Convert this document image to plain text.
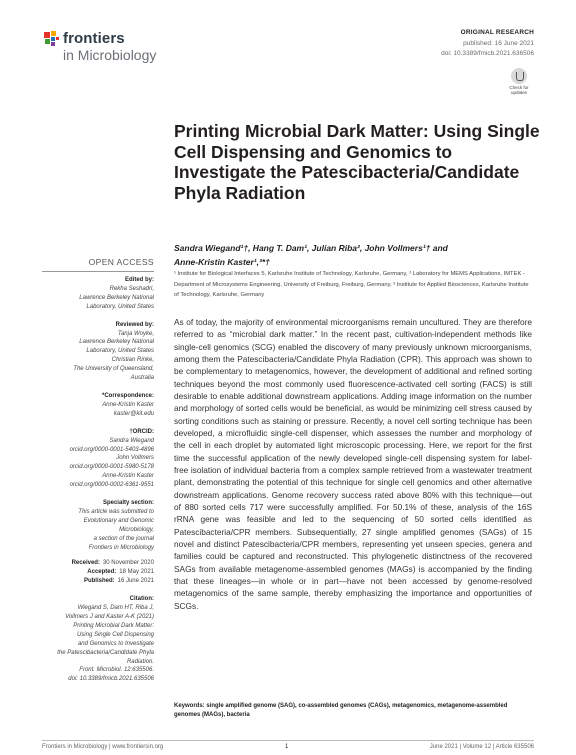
frontiers
in Microbiology
ORIGINAL RESEARCH
published: 16 June 2021
doi: 10.3389/fmicb.2021.636506
Check for updates
Printing Microbial Dark Matter: Using Single Cell Dispensing and Genomics to Investigate the Patescibacteria/Candidate Phyla Radiation
Sandra Wiegand¹†, Hang T. Dam¹, Julian Riba², John Vollmers¹† and
Anne-Kristin Kaster¹,³*†
¹ Institute for Biological Interfaces 5, Karlsruhe Institute of Technology, Karlsruhe, Germany, ² Laboratory for MEMS Applications, IMTEK - Department of Microsystems Engineering, University of Freiburg, Freiburg, Germany, ³ Institute for Applied Biosciences, Karlsruhe Institute of Technology, Karlsruhe, Germany
OPEN ACCESS
Edited by:
Rekha Seshadri,
Lawrence Berkeley National
Laboratory, United States
Reviewed by:
Tanja Woyke,
Lawrence Berkeley National
Laboratory, United States
Christian Rinke,
The University of Queensland,
Australia
*Correspondence:
Anne-Kristin Kaster
kaster@kit.edu
†ORCID:
Sandra Wiegand
orcid.org/0000-0001-5403-4896
John Vollmers
orcid.org/0000-0001-5980-5178
Anne-Kristin Kaster
orcid.org/0000-0002-6361-9551
Specialty section:
This article was submitted to
Evolutionary and Genomic
Microbiology,
a section of the journal
Frontiers in Microbiology
Received: 30 November 2020
Accepted: 18 May 2021
Published: 16 June 2021
Citation:
Wiegand S, Dam HT, Riba J,
Vollmers J and Kaster A-K (2021)
Printing Microbial Dark Matter:
Using Single Cell Dispensing
and Genomics to Investigate
the Patescibacteria/Candidate Phyla
Radiation.
Front. Microbiol. 12:635506.
doi: 10.3389/fmicb.2021.635506

As of today, the majority of environmental microorganisms remain uncultured. They are therefore referred to as “microbial dark matter.” In the recent past, cultivation-independent methods like single-cell genomics (SCG) enabled the discovery of many previously unknown microorganisms, among them the Patescibacteria/Candidate Phyla Radiation (CPR). This approach was shown to be complementary to metagenomics, however, the development of additional and refined sorting techniques beyond the most commonly used fluorescence-activated cell sorting (FACS) is still desirable to enable additional downstream applications. Adding image information on the number and morphology of sorted cells would be beneficial, as would be minimizing cell stress caused by sorting conditions such as staining or pressure. Recently, a novel cell sorting technique has been developed, a microfluidic single-cell dispenser, which assesses the number and morphology of the cell in each droplet by automated light microscopic processing. Here, we report for the first time the successful application of the newly developed single-cell dispensing system for label-free isolation of individual bacteria from a complex sample retrieved from a wastewater treatment plant, demonstrating the potential of this technique for single cell genomics and other alternative downstream applications. Genome recovery success rated above 80% with this technique—out of 880 sorted cells 717 were successfully amplified. For 50.1% of these, analysis of the 16S rRNA gene was feasible and led to the sequencing of 50 sorted cells identified as Patescibacteria/CPR members. Subsequentially, 27 single amplified genomes (SAGs) of 15 novel and distinct Patescibacteria/CPR members, representing yet unseen species, genera and families could be captured and reconstructed. This phylogenetic distinctness of the recovered SAGs from available metagenome-assembled genomes (MAGs) is accompanied by the finding that these lineages—in whole or in part—have not been accessed by genome-resolved metagenomics of the same sample, thereby emphasizing the importance and opportunities of SCGs.

Keywords: single amplified genome (SAG), co-assembled genomes (CAGs), metagenomics, metagenome-assembled genomes (MAGs), bacteria
Frontiers in Microbiology | www.frontiersin.org	1	June 2021 | Volume 12 | Article 635506
